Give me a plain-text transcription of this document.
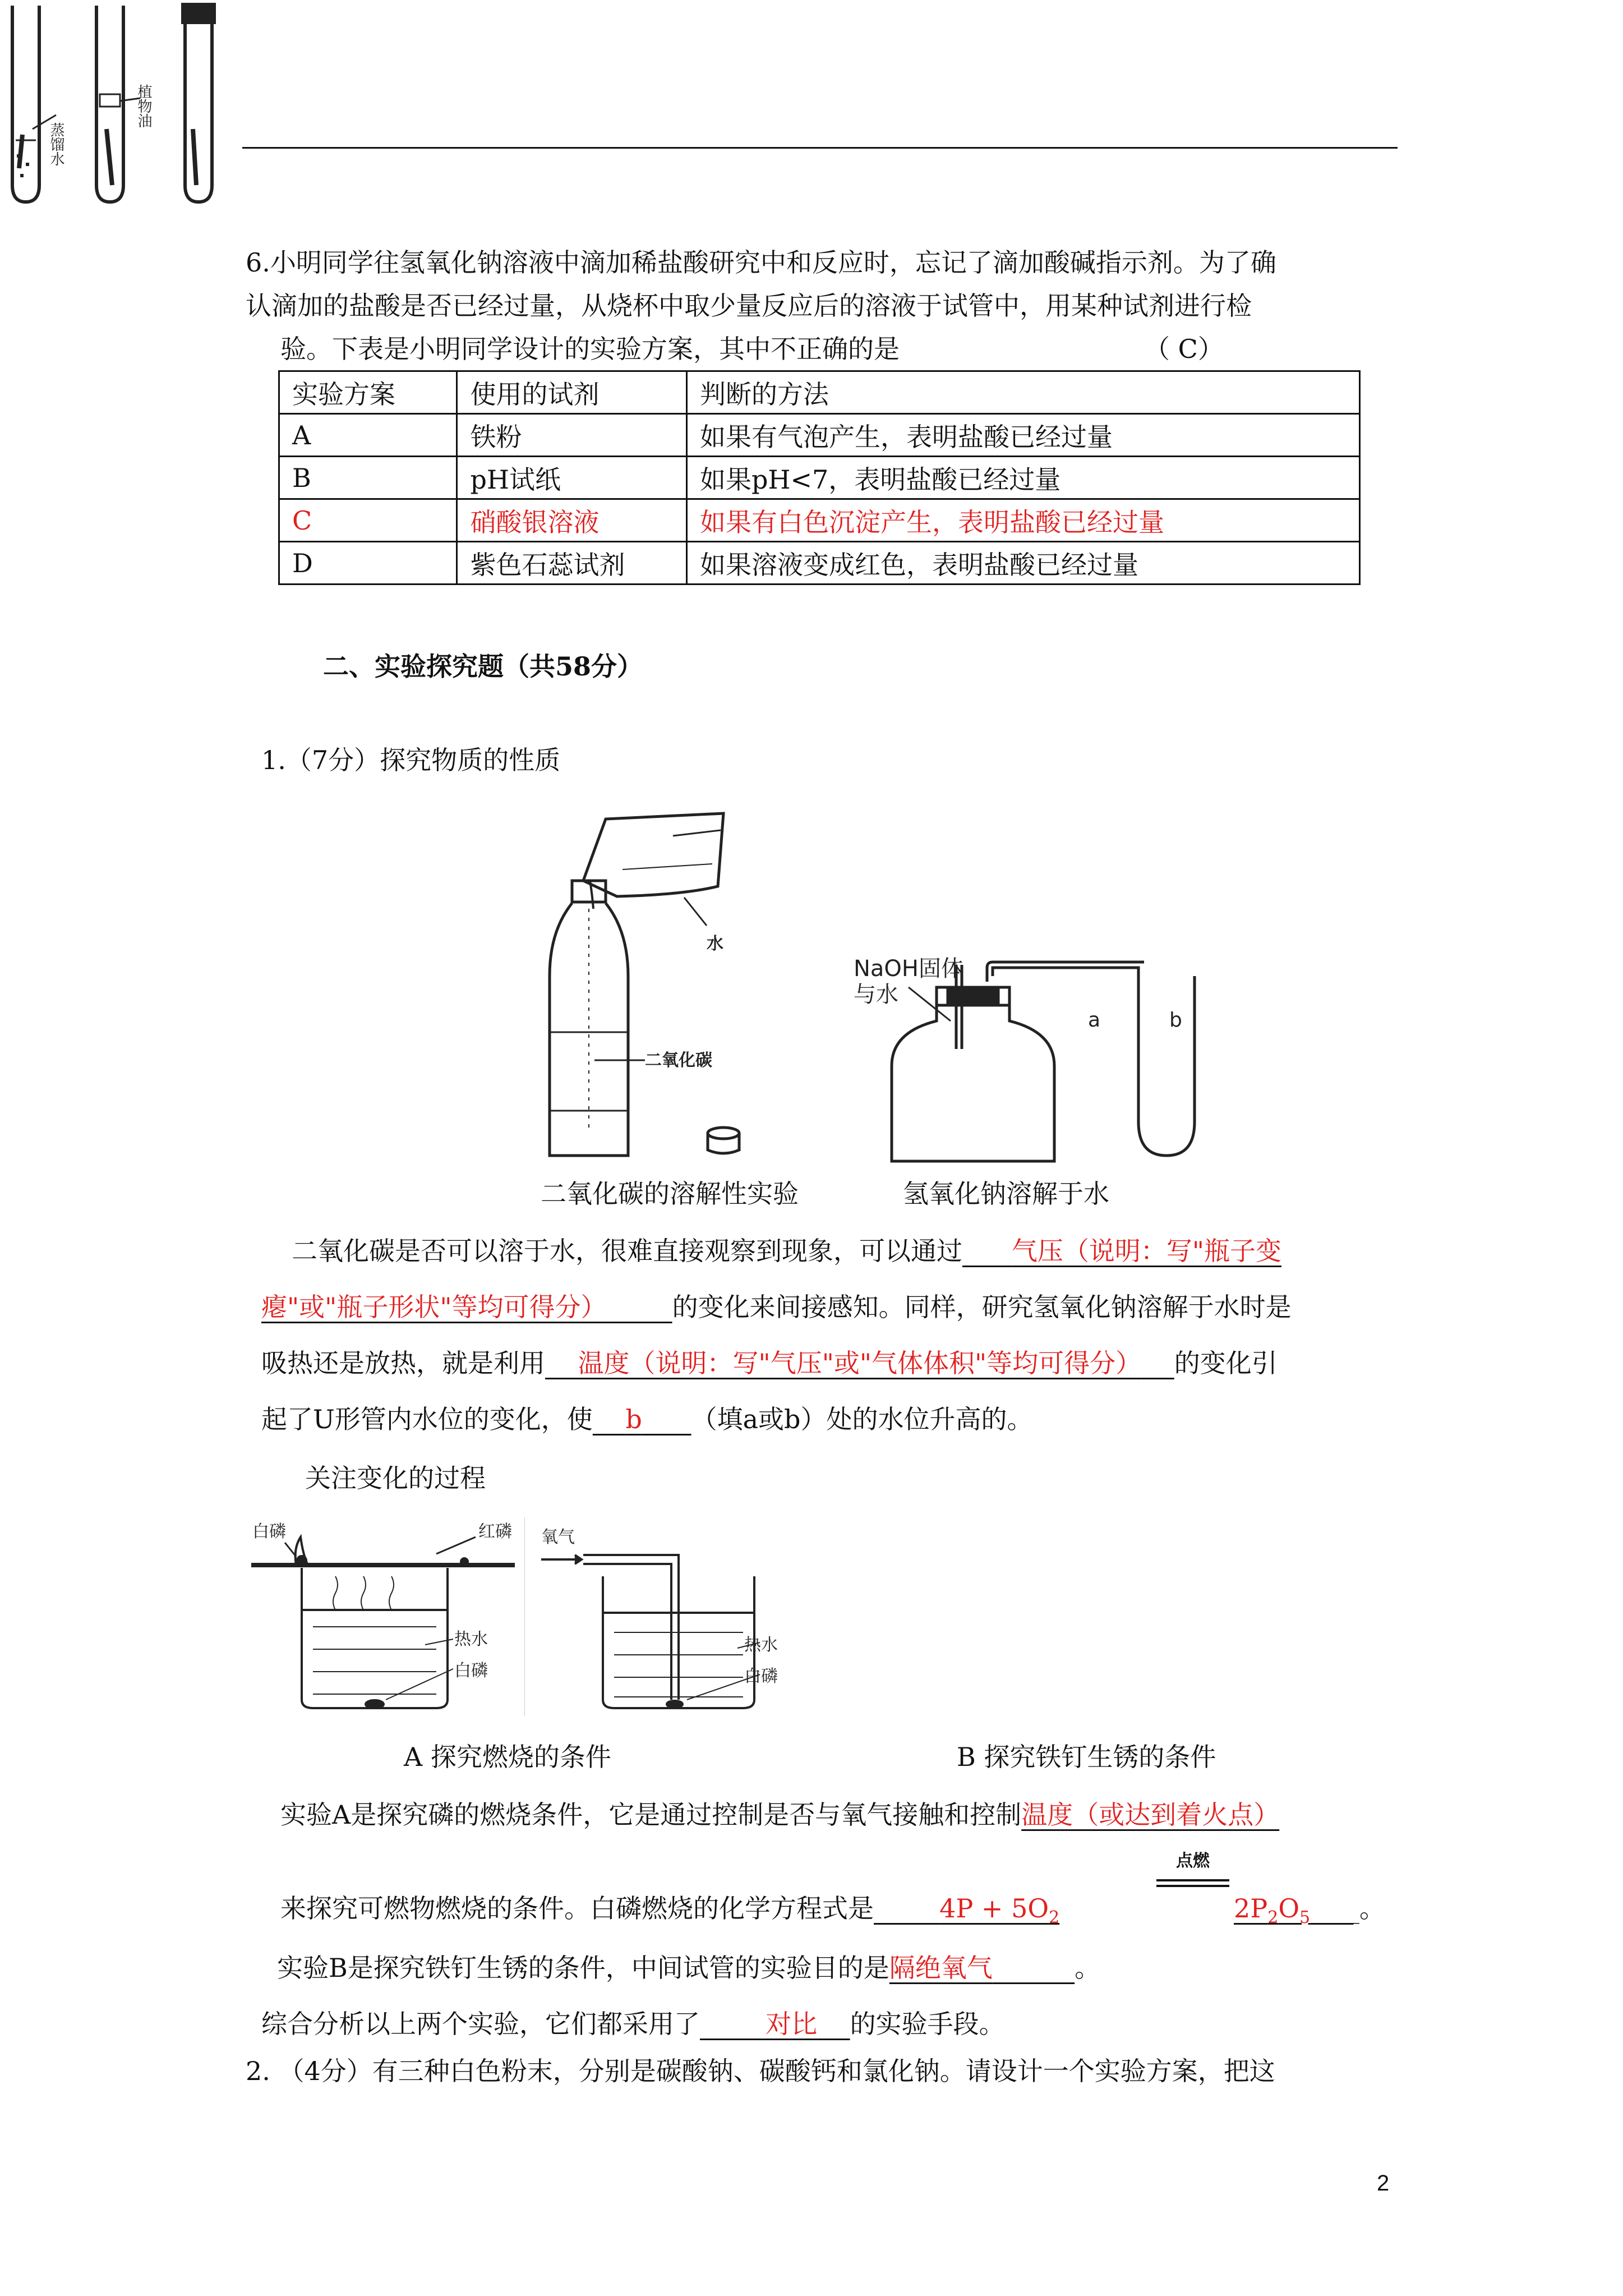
蒸馏水
植物油
6.小明同学往氢氧化钠溶液中滴加稀盐酸研究中和反应时，忘记了滴加酸碱指示剂。为了确
认滴加的盐酸是否已经过量，从烧杯中取少量反应后的溶液于试管中，用某种试剂进行检
验。下表是小明同学设计的实验方案，其中不正确的是	（ C）
实验方案	使用的试剂	判断的方法
A	铁粉	如果有气泡产生，表明盐酸已经过量
B	pH试纸	如果pH<7，表明盐酸已经过量
C	硝酸银溶液	如果有白色沉淀产生，表明盐酸已经过量
D	紫色石蕊试剂	如果溶液变成红色，表明盐酸已经过量
二、实验探究题（共58分）
1.（7分）探究物质的性质
水
二氧化碳
NaOH固体
与水
a	b
二氧化碳的溶解性实验	氢氧化钠溶解于水
二氧化碳是否可以溶于水，很难直接观察到现象，可以通过    气压（说明：写"瓶子变
瘪"或"瓶子形状"等均可得分）    	的变化来间接感知。同样，研究氢氧化钠溶解于水时是
吸热还是放热，就是利用   温度（说明：写"气压"或"气体体积"等均可得分）   的变化引
起了U形管内水位的变化，使   b    （填a或b）处的水位升高的。
关注变化的过程
白磷	红磷
热水
白磷
氧气
热水
白磷
A 探究燃烧的条件	B 探究铁钉生锈的条件
实验A是探究磷的燃烧条件，它是通过控制是否与氧气接触和控制温度（或达到着火点）
来探究可燃物燃烧的条件。白磷燃烧的化学方程式是    	$4P + 5O_2$
点燃
$2P_2O_5$    。
实验B是探究铁钉生锈的条件，中间试管的实验目的是隔绝氧气     	。
综合分析以上两个实验，它们都采用了    	对比   的实验手段。
2. （4分）有三种白色粉末，分别是碳酸钠、碳酸钙和氯化钠。请设计一个实验方案，把这
2
